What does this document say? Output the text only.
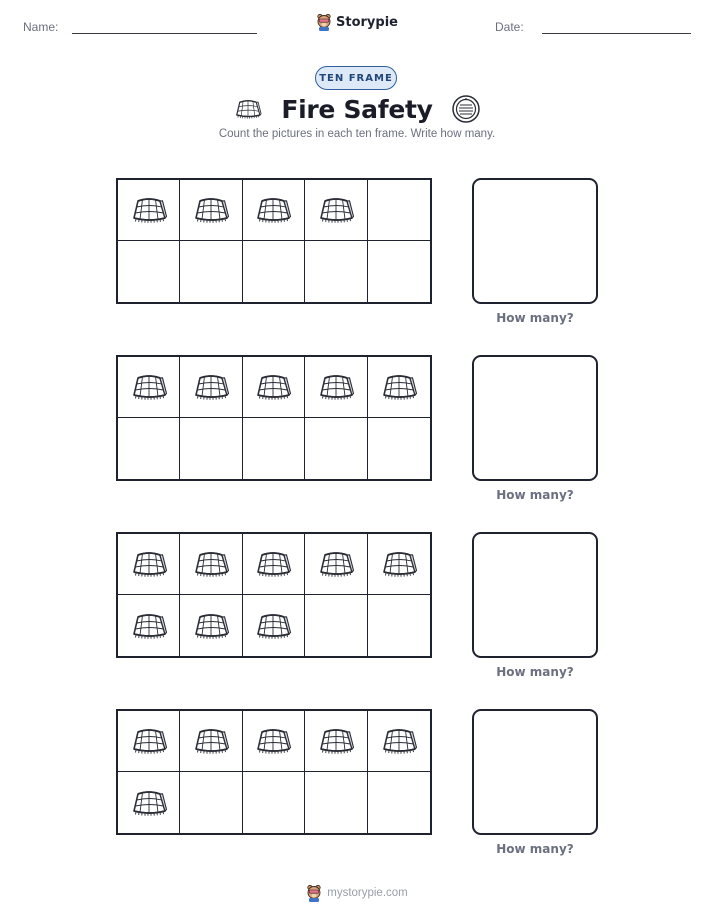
Name:	Storypie	Date:
TEN FRAME
Fire Safety
Count the pictures in each ten frame. Write how many.
How many?
How many?
How many?
How many?
mystorypie.com
